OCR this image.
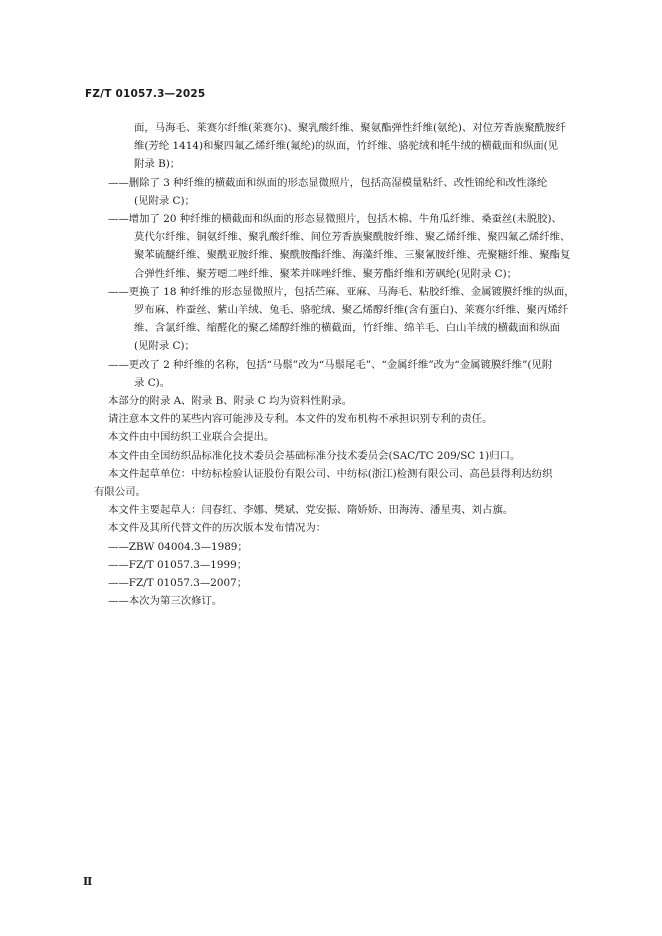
FZ/T 01057.3—2025
面，马海毛、莱赛尔纤维(莱赛尔)、聚乳酸纤维、聚氨酯弹性纤维(氨纶)、对位芳香族聚酰胺纤
维(芳纶 1414)和聚四氟乙烯纤维(氟纶)的纵面，竹纤维、骆驼绒和牦牛绒的横截面和纵面(见
附录 B)；
——删除了 3 种纤维的横截面和纵面的形态显微照片，包括高湿模量粘纤、改性锦纶和改性涤纶
(见附录 C)；
——增加了 20 种纤维的横截面和纵面的形态显微照片，包括木棉、牛角瓜纤维、桑蚕丝(未脱胶)、
莫代尔纤维、铜氨纤维、聚乳酸纤维、间位芳香族聚酰胺纤维、聚乙烯纤维、聚四氟乙烯纤维、
聚苯硫醚纤维、聚酰亚胺纤维、聚酰胺酯纤维、海藻纤维、三聚氰胺纤维、壳聚糖纤维、聚酯复
合弹性纤维、聚芳噁二唑纤维、聚苯并咪唑纤维、聚芳酯纤维和芳砜纶(见附录 C)；
——更换了 18 种纤维的形态显微照片，包括苎麻、亚麻、马海毛、粘胶纤维、金属镀膜纤维的纵面，
罗布麻、柞蚕丝、紫山羊绒、兔毛、骆驼绒、聚乙烯醇纤维(含有蛋白)、莱赛尔纤维、聚丙烯纤
维、含氯纤维、缩醛化的聚乙烯醇纤维的横截面，竹纤维、绵羊毛、白山羊绒的横截面和纵面
(见附录 C)；
——更改了 2 种纤维的名称，包括“马鬃”改为“马鬃尾毛”、“金属纤维”改为“金属镀膜纤维”(见附
录 C)。
本部分的附录 A、附录 B、附录 C 均为资料性附录。
请注意本文件的某些内容可能涉及专利。本文件的发布机构不承担识别专利的责任。
本文件由中国纺织工业联合会提出。
本文件由全国纺织品标准化技术委员会基础标准分技术委员会(SAC/TC 209/SC 1)归口。
本文件起草单位：中纺标检验认证股份有限公司、中纺标(浙江)检测有限公司、高邑县得利达纺织
有限公司。
本文件主要起草人：闫春红、李娜、樊斌、党安振、隋娇娇、田海涛、潘星夷、刘占旗。
本文件及其所代替文件的历次版本发布情况为：
——ZBW 04004.3—1989；
——FZ/T 01057.3—1999；
——FZ/T 01057.3—2007；
——本次为第三次修订。
Ⅱ
